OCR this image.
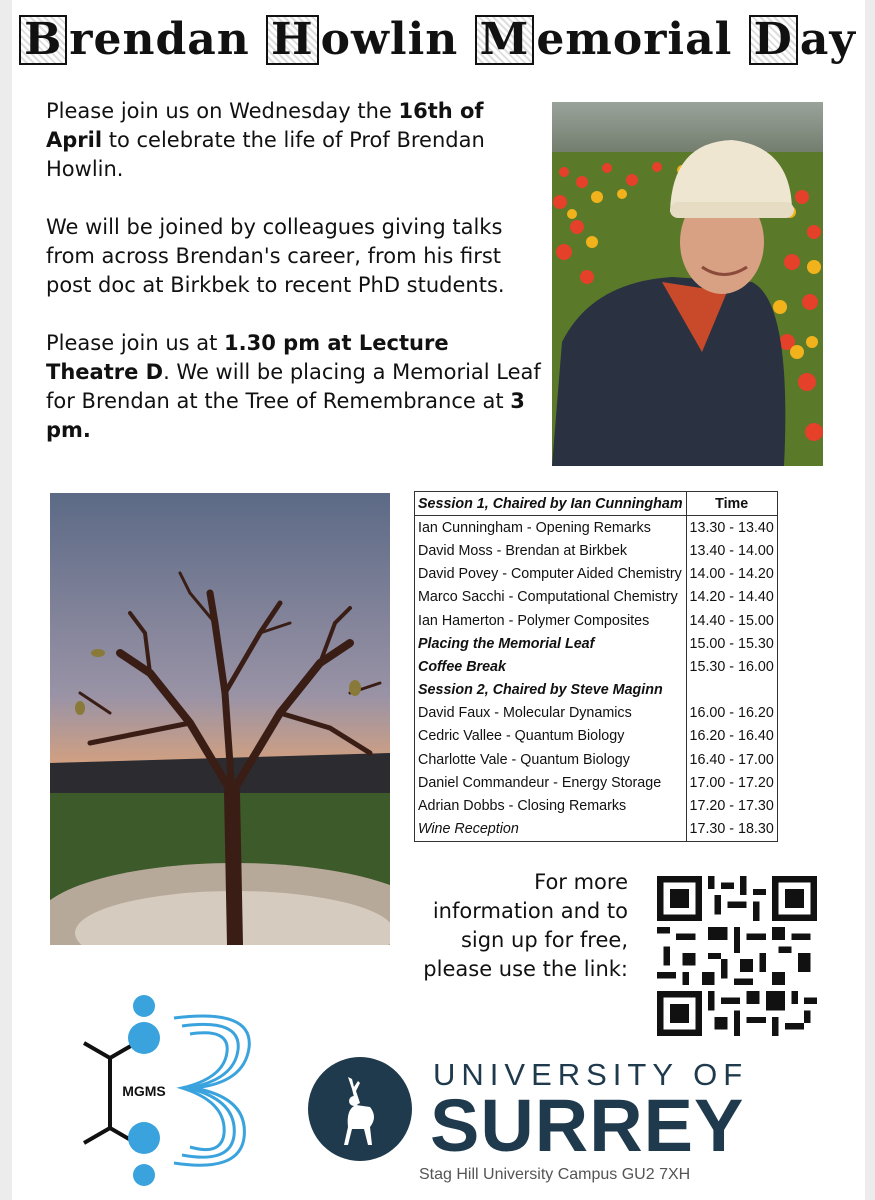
B rendan H owlin M emorial D ay

Please join us on Wednesday the 16th of April to celebrate the life of Prof Brendan Howlin.

We will be joined by colleagues giving talks from across Brendan's career, from his first post doc at Birkbek to recent PhD students.

Please join us at 1.30 pm at Lecture Theatre D. We will be placing a Memorial Leaf for Brendan at the Tree of Remembrance at 3 pm.

Session 1, Chaired by Ian Cunningham	Time
Ian Cunningham - Opening Remarks	13.30 - 13.40
David Moss - Brendan at Birkbek	13.40 - 14.00
David Povey - Computer Aided Chemistry	14.00 - 14.20
Marco Sacchi - Computational Chemistry	14.20 - 14.40
Ian Hamerton - Polymer Composites	14.40 - 15.00
Placing the Memorial Leaf	15.00 - 15.30
Coffee Break	15.30 - 16.00
Session 2, Chaired by Steve Maginn	
David Faux - Molecular Dynamics	16.00 - 16.20
Cedric Vallee - Quantum Biology	16.20 - 16.40
Charlotte Vale - Quantum Biology	16.40 - 17.00
Daniel Commandeur - Energy Storage	17.00 - 17.20
Adrian Dobbs - Closing Remarks	17.20 - 17.30
Wine Reception	17.30 - 18.30
For more information and to sign up for free, please use the link:
MGMS	UNIVERSITY OF
SURREY
Stag Hill University Campus GU2 7XH
